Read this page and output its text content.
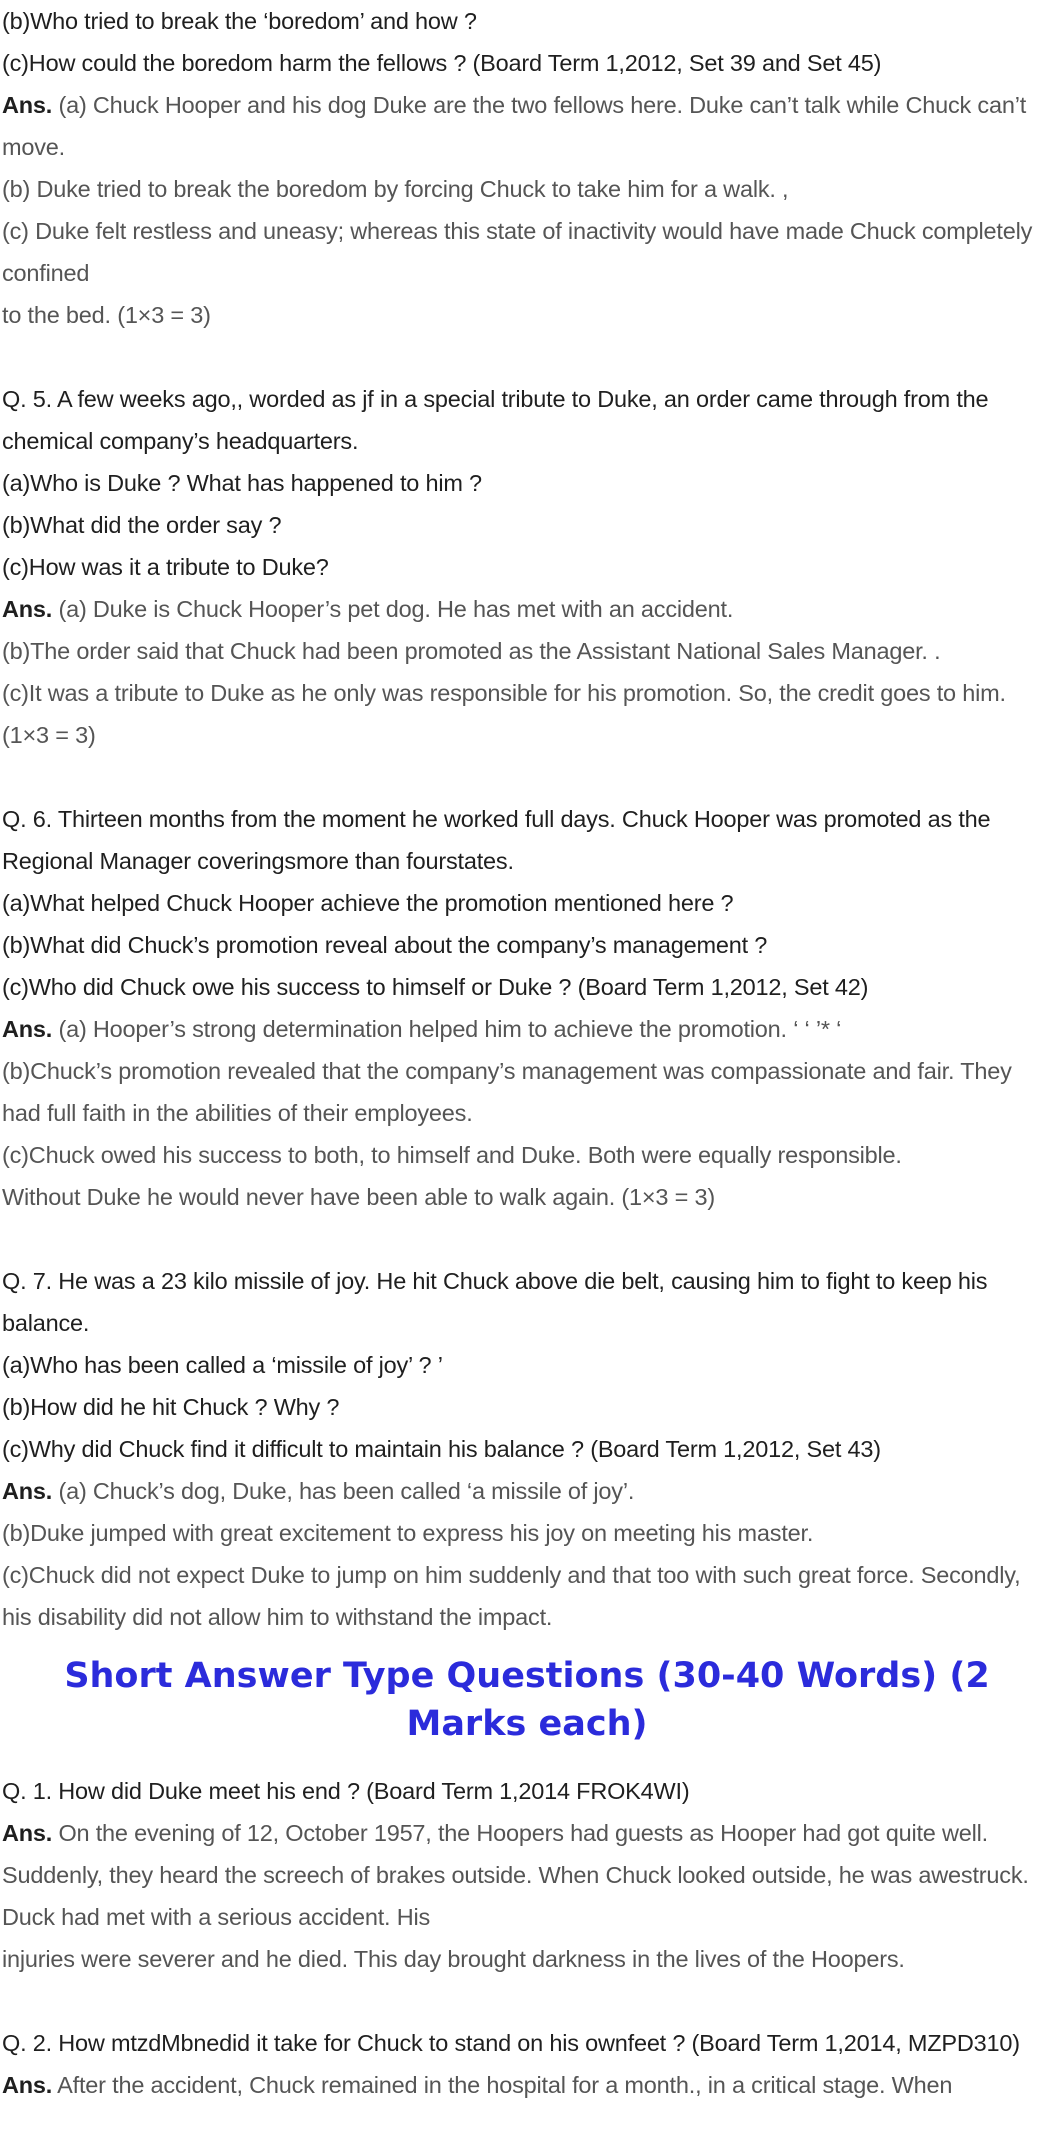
(b)Who tried to break the ‘boredom’ and how ?

(c)How could the boredom harm the fellows ? (Board Term 1,2012, Set 39 and Set 45)

Ans. (a) Chuck Hooper and his dog Duke are the two fellows here. Duke can’t talk while Chuck can’t move.

(b) Duke tried to break the boredom by forcing Chuck to take him for a walk. ,

(c) Duke felt restless and uneasy; whereas this state of inactivity would have made Chuck completely confined

to the bed. (1×3 = 3)

Q. 5. A few weeks ago,, worded as jf in a special tribute to Duke, an order came through from the chemical company’s headquarters.

(a)Who is Duke ? What has happened to him ?

(b)What did the order say ?

(c)How was it a tribute to Duke?

Ans. (a) Duke is Chuck Hooper’s pet dog. He has met with an accident.

(b)The order said that Chuck had been promoted as the Assistant National Sales Manager. .

(c)It was a tribute to Duke as he only was responsible for his promotion. So, the credit goes to him. (1×3 = 3)

Q. 6. Thirteen months from the moment he worked full days. Chuck Hooper was promoted as the Regional Manager coveringsmore than fourstates.

(a)What helped Chuck Hooper achieve the promotion mentioned here ?

(b)What did Chuck’s promotion reveal about the company’s management ?

(c)Who did Chuck owe his success to himself or Duke ? (Board Term 1,2012, Set 42)

Ans. (a) Hooper’s strong determination helped him to achieve the promotion. ‘ ‘ ’* ‘

(b)Chuck’s promotion revealed that the company’s management was compassionate and fair. They had full faith in the abilities of their employees.

(c)Chuck owed his success to both, to himself and Duke. Both were equally responsible.

Without Duke he would never have been able to walk again. (1×3 = 3)

Q. 7. He was a 23 kilo missile of joy. He hit Chuck above die belt, causing him to fight to keep his balance.

(a)Who has been called a ‘missile of joy’ ? ’

(b)How did he hit Chuck ? Why ?

(c)Why did Chuck find it difficult to maintain his balance ? (Board Term 1,2012, Set 43)

Ans. (a) Chuck’s dog, Duke, has been called ‘a missile of joy’.

(b)Duke jumped with great excitement to express his joy on meeting his master.

(c)Chuck did not expect Duke to jump on him suddenly and that too with such great force. Secondly, his disability did not allow him to withstand the impact.

Short Answer Type Questions (30-40 Words) (2 Marks each)

Q. 1. How did Duke meet his end ? (Board Term 1,2014 FROK4WI)

Ans. On the evening of 12, October 1957, the Hoopers had guests as Hooper had got quite well. Suddenly, they heard the screech of brakes outside. When Chuck looked outside, he was awestruck. Duck had met with a serious accident. His

injuries were severer and he died. This day brought darkness in the lives of the Hoopers.

Q. 2. How mtzdMbnedid it take for Chuck to stand on his ownfeet ? (Board Term 1,2014, MZPD310)

Ans. After the accident, Chuck remained in the hospital for a month., in a critical stage. When
